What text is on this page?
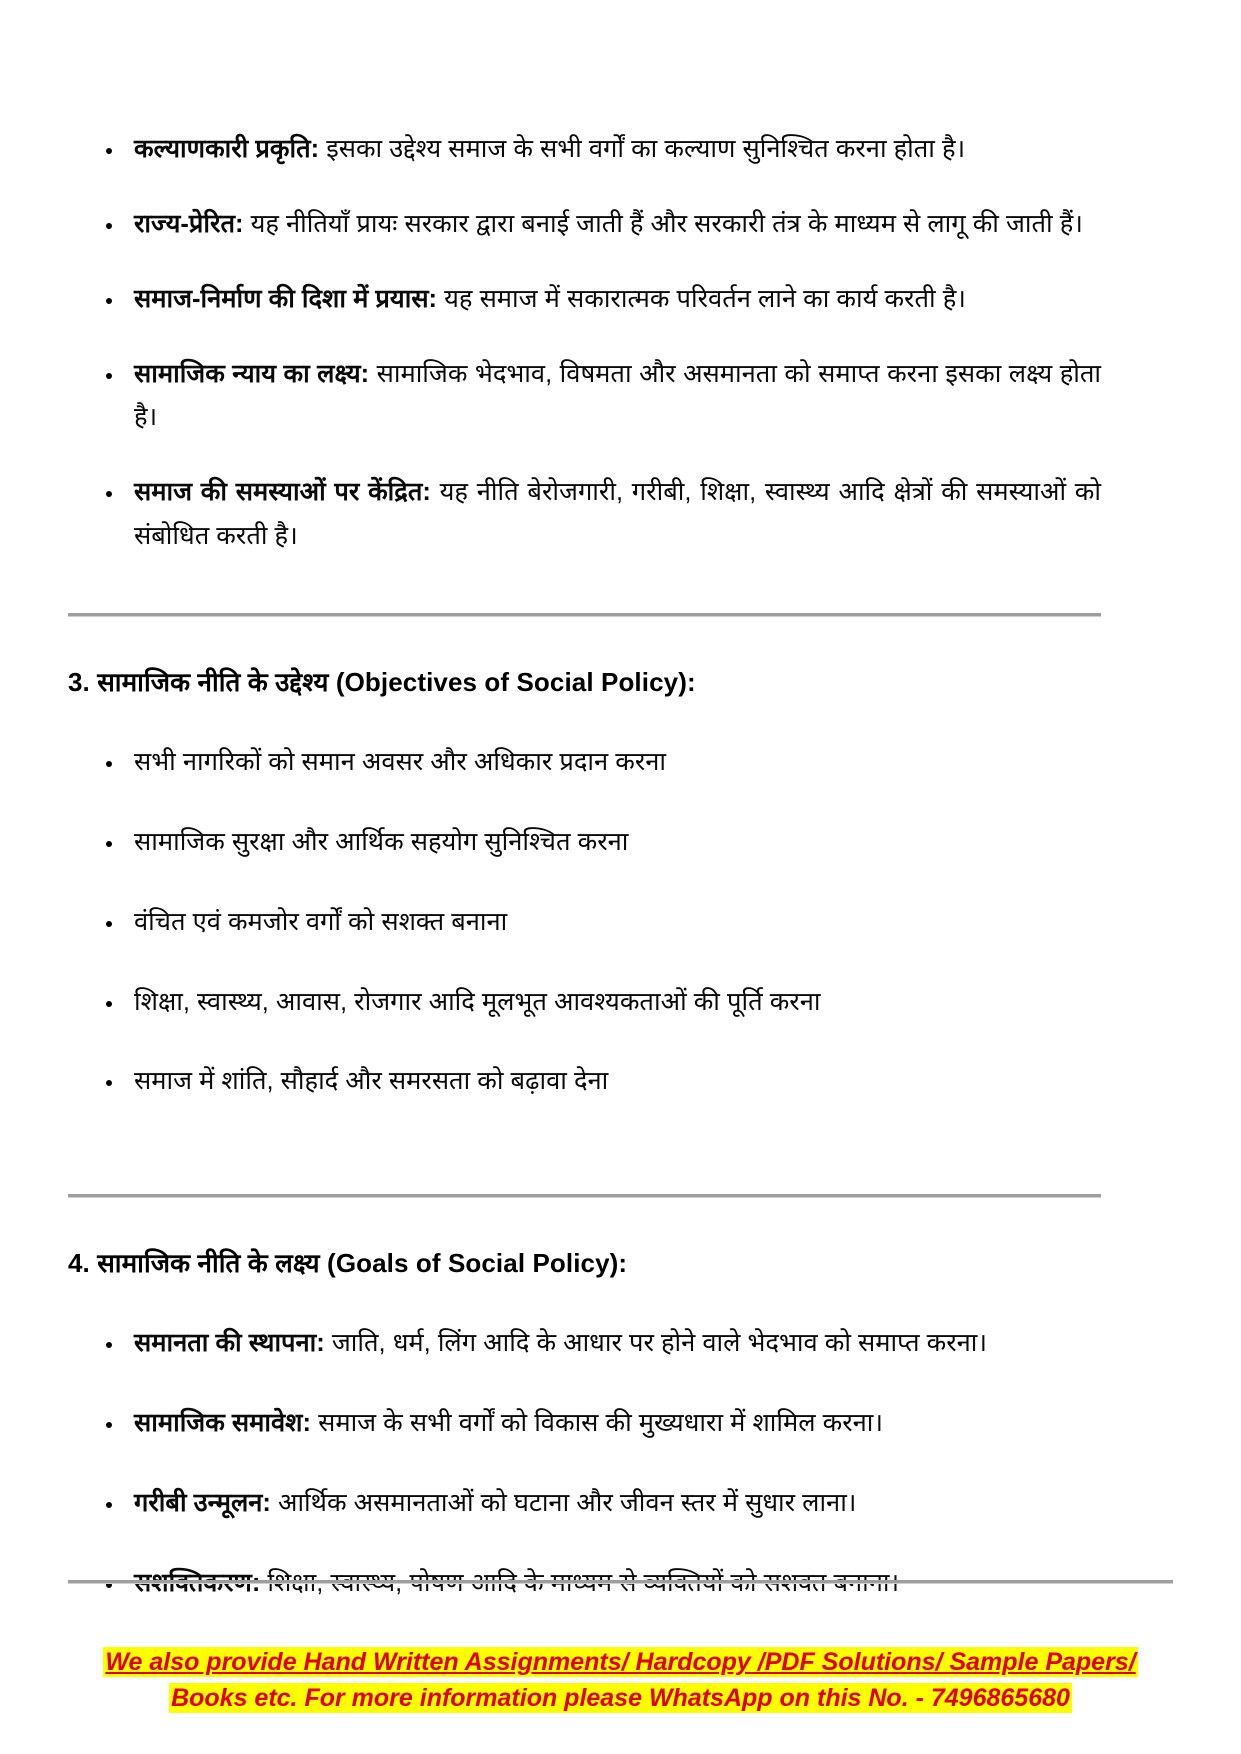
कल्याणकारी प्रकृति: इसका उद्देश्य समाज के सभी वर्गों का कल्याण सुनिश्चित करना होता है।
राज्य-प्रेरित: यह नीतियाँ प्रायः सरकार द्वारा बनाई जाती हैं और सरकारी तंत्र के माध्यम से लागू की जाती हैं।
समाज-निर्माण की दिशा में प्रयास: यह समाज में सकारात्मक परिवर्तन लाने का कार्य करती है।
सामाजिक न्याय का लक्ष्य: सामाजिक भेदभाव, विषमता और असमानता को समाप्त करना इसका लक्ष्य होता है।
समाज की समस्याओं पर केंद्रित: यह नीति बेरोजगारी, गरीबी, शिक्षा, स्वास्थ्य आदि क्षेत्रों की समस्याओं को संबोधित करती है।
3. सामाजिक नीति के उद्देश्य (Objectives of Social Policy):
सभी नागरिकों को समान अवसर और अधिकार प्रदान करना
सामाजिक सुरक्षा और आर्थिक सहयोग सुनिश्चित करना
वंचित एवं कमजोर वर्गों को सशक्त बनाना
शिक्षा, स्वास्थ्य, आवास, रोजगार आदि मूलभूत आवश्यकताओं की पूर्ति करना
समाज में शांति, सौहार्द और समरसता को बढ़ावा देना
4. सामाजिक नीति के लक्ष्य (Goals of Social Policy):
समानता की स्थापना: जाति, धर्म, लिंग आदि के आधार पर होने वाले भेदभाव को समाप्त करना।
सामाजिक समावेश: समाज के सभी वर्गों को विकास की मुख्यधारा में शामिल करना।
गरीबी उन्मूलन: आर्थिक असमानताओं को घटाना और जीवन स्तर में सुधार लाना।
We also provide Hand Written Assignments/ Hardcopy /PDF Solutions/ Sample Papers/
Books etc. For more information please WhatsApp on this No. - 7496865680
